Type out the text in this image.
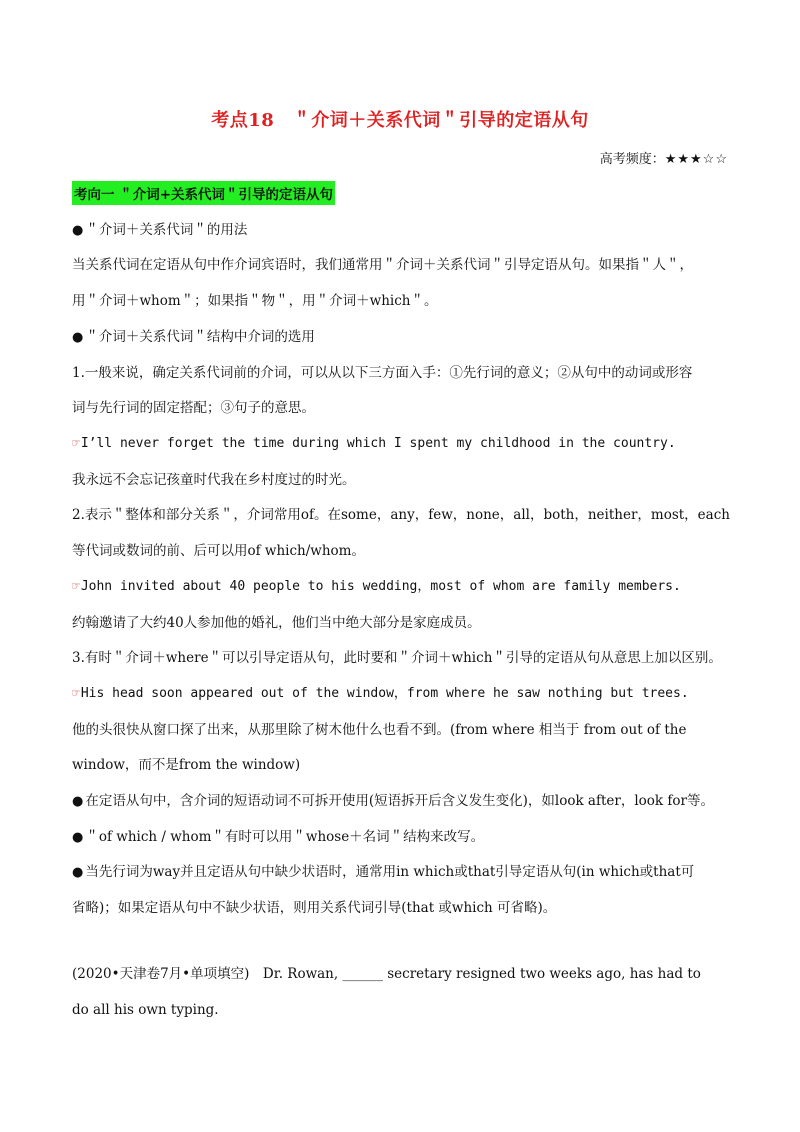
考点18　＂介词＋关系代词＂引导的定语从句
高考频度：★★★☆☆
考向一 ＂介词+关系代词＂引导的定语从句
● ＂介词＋关系代词＂的用法
当关系代词在定语从句中作介词宾语时，我们通常用＂介词＋关系代词＂引导定语从句。如果指＂人＂，
用＂介词＋whom＂；如果指＂物＂，用＂介词＋which＂。
● ＂介词＋关系代词＂结构中介词的选用
1.一般来说，确定关系代词前的介词，可以从以下三方面入手：①先行词的意义；②从句中的动词或形容
词与先行词的固定搭配；③句子的意思。
☞I’ll never forget the time during which I spent my childhood in the country.
我永远不会忘记孩童时代我在乡村度过的时光。
2.表示＂整体和部分关系＂，介词常用of。在some，any，few，none，all，both，neither，most，each
等代词或数词的前、后可以用of which/whom。
☞John invited about 40 people to his wedding，most of whom are family members.
约翰邀请了大约40人参加他的婚礼，他们当中绝大部分是家庭成员。
3.有时＂介词＋where＂可以引导定语从句，此时要和＂介词＋which＂引导的定语从句从意思上加以区别。
☞His head soon appeared out of the window，from where he saw nothing but trees.
他的头很快从窗口探了出来，从那里除了树木他什么也看不到。(from where 相当于 from out of the
window，而不是from the window)
● 在定语从句中，含介词的短语动词不可拆开使用(短语拆开后含义发生变化)，如look after，look for等。
● ＂of which / whom＂有时可以用＂whose＋名词＂结构来改写。
● 当先行词为way并且定语从句中缺少状语时，通常用in which或that引导定语从句(in which或that可
省略)；如果定语从句中不缺少状语，则用关系代词引导(that 或which 可省略)。
(2020•天津卷7月•单项填空)　Dr. Rowan, ______ secretary resigned two weeks ago, has had to
do all his own typing.
